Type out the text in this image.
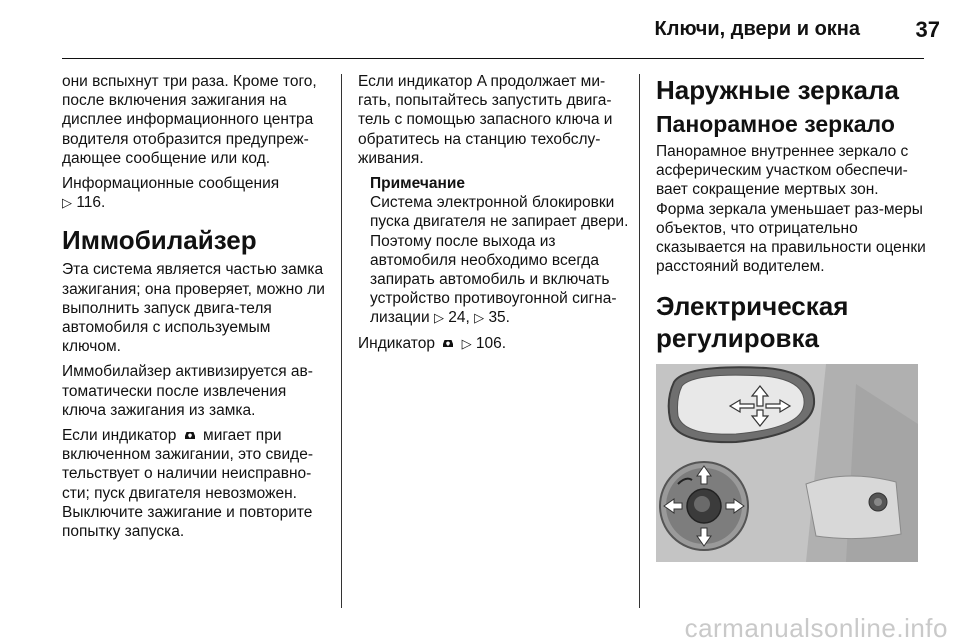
Ключи, двери и окна	37

они вспыхнут три раза. Кроме того, после включения зажигания на дисплее информационного центра водителя отобразится предупреж-дающее сообщение или код.

Информационные сообщения
▷ 116.

Иммобилайзер

Эта система является частью замка зажигания; она проверяет, можно ли выполнить запуск двига-теля автомобиля с используемым ключом.

Иммобилайзер активизируется ав-томатически после извлечения ключа зажигания из замка.

Если индикатор мигает при включенном зажигании, это свиде-тельствует о наличии неисправно-сти; пуск двигателя невозможен. Выключите зажигание и повторите попытку запуска.

Если индикатор A продолжает ми-гать, попытайтесь запустить двига-тель с помощью запасного ключа и обратитесь на станцию техобслу-живания.

Примечание

Система электронной блокировки пуска двигателя не запирает двери. Поэтому после выхода из автомобиля необходимо всегда запирать автомобиль и включать устройство противоугонной сигна-лизации ▷ 24, ▷ 35.

Индикатор ▷ 106.

Наружные зеркала
Панорамное зеркало

Панорамное внутреннее зеркало с асферическим участком обеспечи-вает сокращение мертвых зон. Форма зеркала уменьшает раз-меры объектов, что отрицательно сказывается на правильности оценки расстояний водителем.

Электрическая регулировка
carmanualsonline.info
